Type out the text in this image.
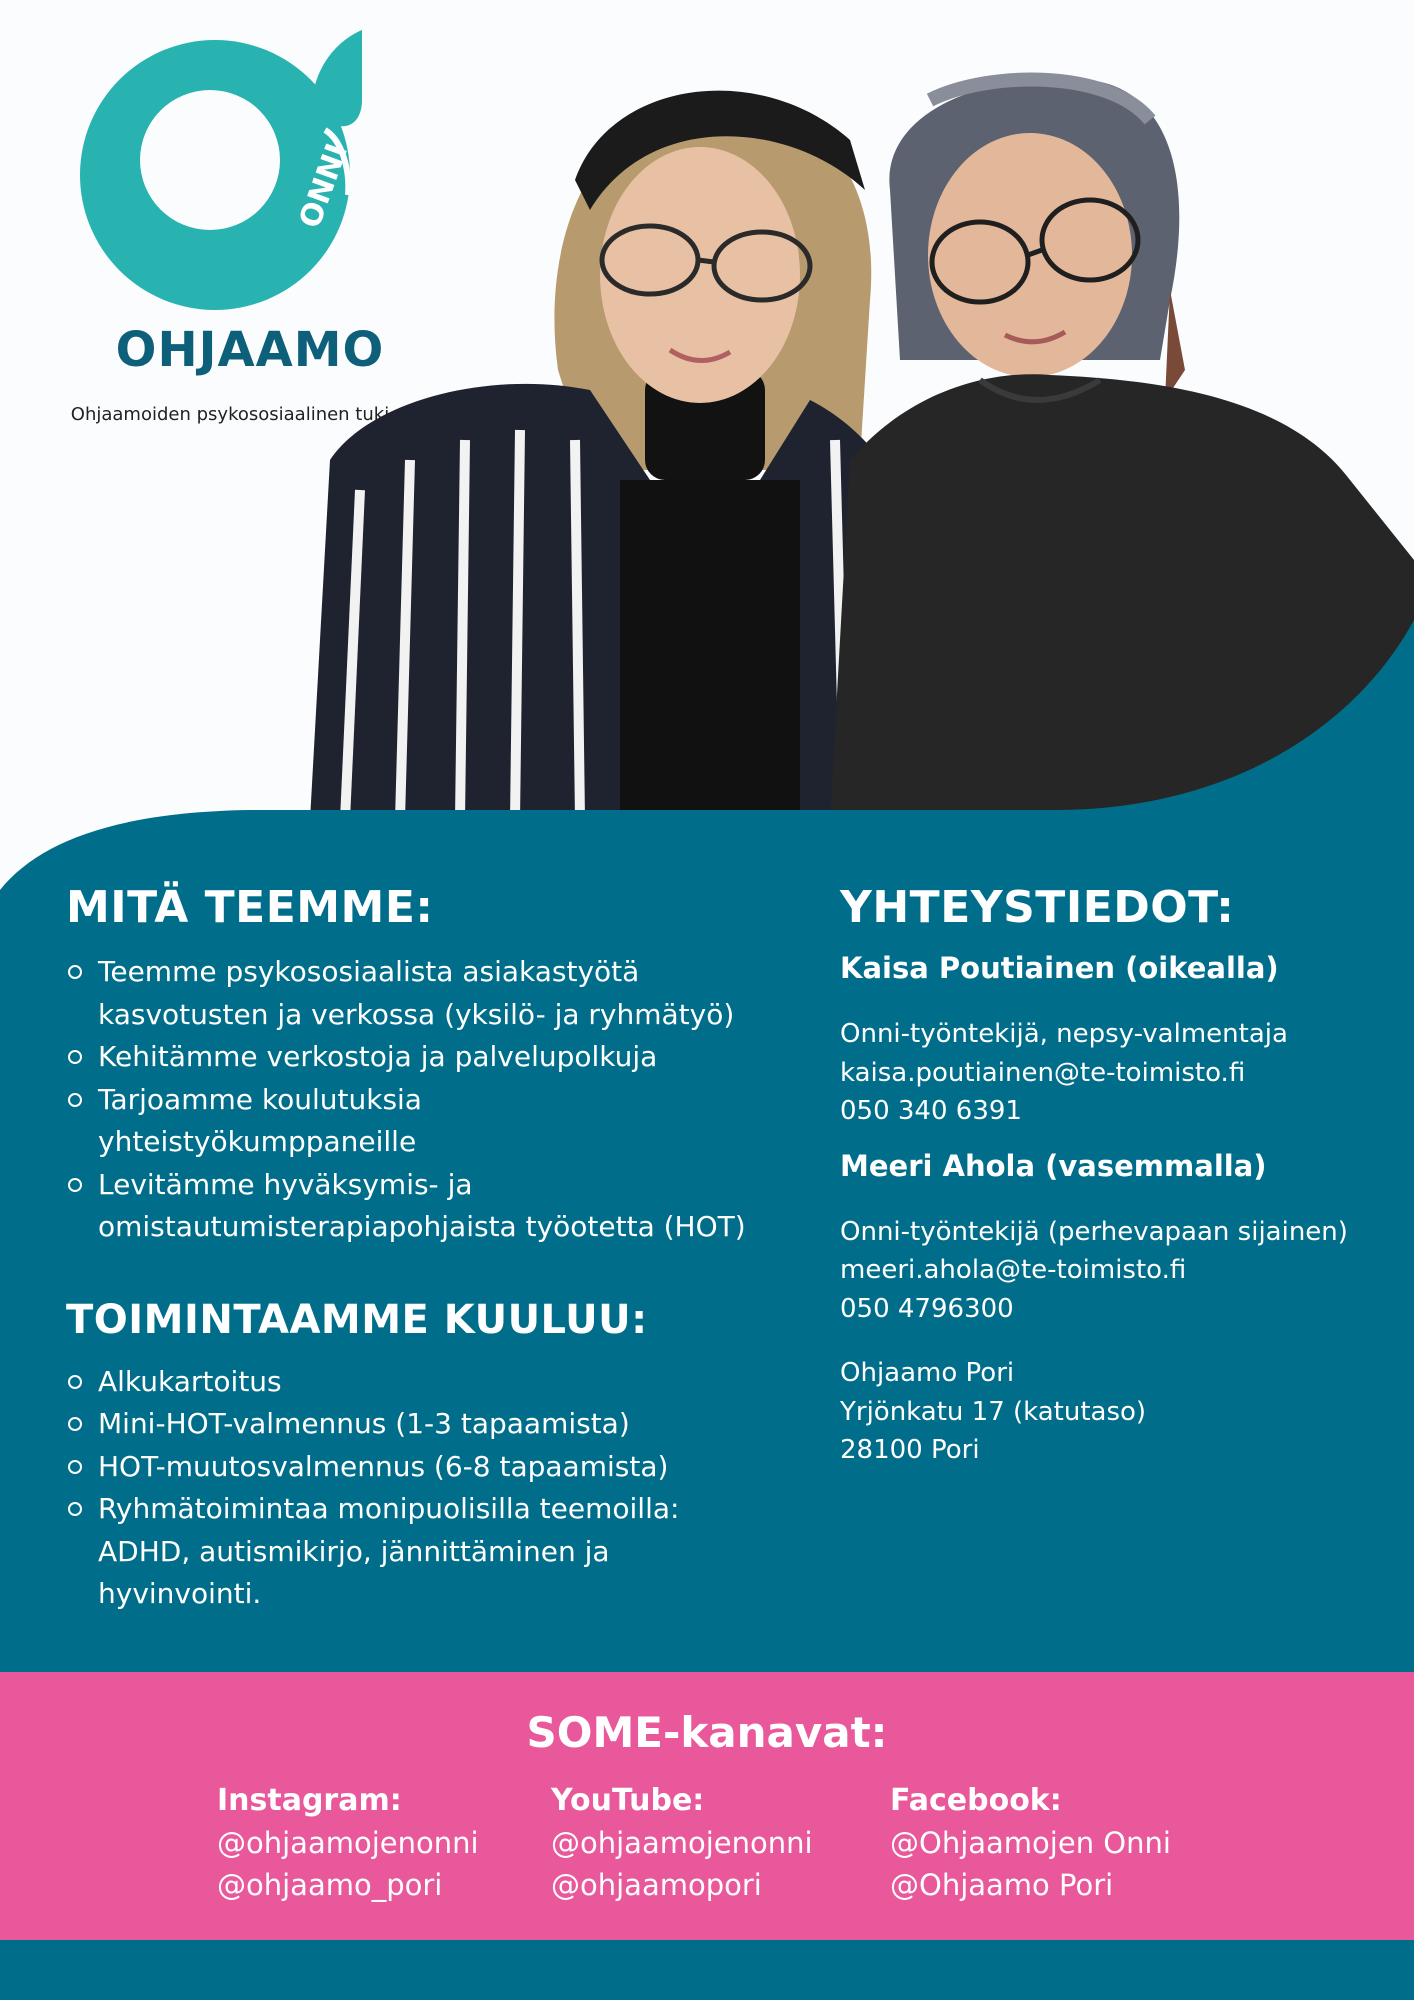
ONNI
OHJAAMO
Ohjaamoiden psykososiaalinen tuki
MITÄ TEEMME:
Teemme psykososiaalista asiakastyötä kasvotusten ja verkossa (yksilö- ja ryhmätyö)
Kehitämme verkostoja ja palvelupolkuja
Tarjoamme koulutuksia yhteistyökumppaneille
Levitämme hyväksymis- ja omistautumisterapiapohjaista työotetta (HOT)
TOIMINTAAMME KUULUU:
Alkukartoitus
Mini-HOT-valmennus (1-3 tapaamista)
HOT-muutosvalmennus (6-8 tapaamista)
Ryhmätoimintaa monipuolisilla teemoilla: ADHD, autismikirjo, jännittäminen ja hyvinvointi.
YHTEYSTIEDOT:
Kaisa Poutiainen (oikealla)
Onni-työntekijä, nepsy-valmentaja
kaisa.poutiainen@te-toimisto.fi
050 340 6391
Meeri Ahola (vasemmalla)
Onni-työntekijä (perhevapaan sijainen)
meeri.ahola@te-toimisto.fi
050 4796300
Ohjaamo Pori
Yrjönkatu 17 (katutaso)
28100 Pori
SOME-kanavat:
Instagram:
@ohjaamojenonni
@ohjaamo_pori
YouTube:
@ohjaamojenonni
@ohjaamopori
Facebook:
@Ohjaamojen Onni
@Ohjaamo Pori
